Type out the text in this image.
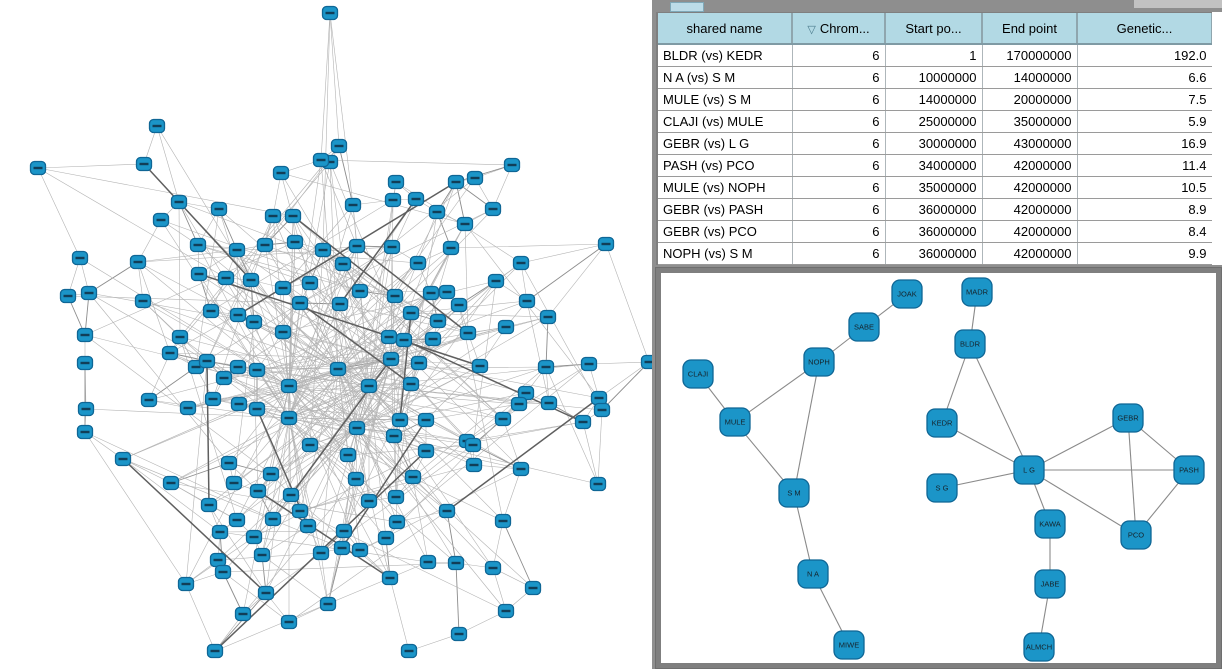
shared name	▽ Chrom...	Start po...	End point	Genetic...
BLDR (vs) KEDR	6	1	170000000	192.0
N A (vs) S M	6	10000000	14000000	6.6
MULE (vs) S M	6	14000000	20000000	7.5
CLAJI (vs) MULE	6	25000000	35000000	5.9
GEBR (vs) L G	6	30000000	43000000	16.9
PASH (vs) PCO	6	34000000	42000000	11.4
MULE (vs) NOPH	6	35000000	42000000	10.5
GEBR (vs) PASH	6	36000000	42000000	8.9
GEBR (vs) PCO	6	36000000	42000000	8.4
NOPH (vs) S M	6	36000000	42000000	9.9
JOAK
SABE
NOPH
CLAJI
MULE
S M
N A
MIWE
MADR
BLDR
KEDR
S G
L G
GEBR
PASH
PCO
KAWA
JABE
ALMCH
